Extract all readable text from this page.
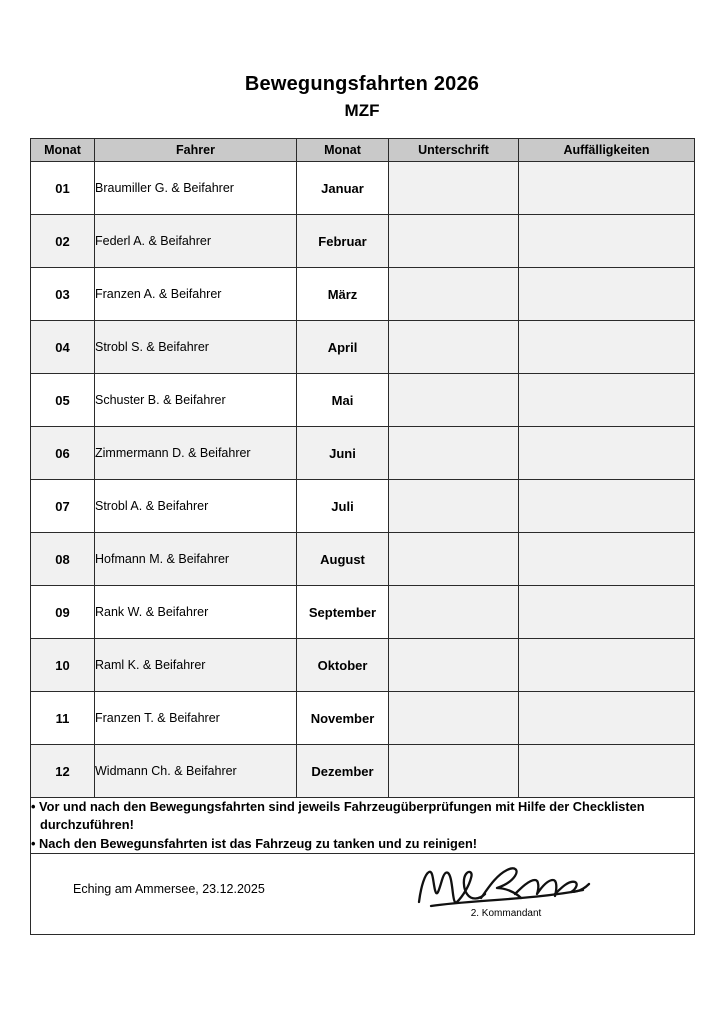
Bewegungsfahrten 2026
MZF
Monat	Fahrer	Monat	Unterschrift	Auffälligkeiten
01	Braumiller G. & Beifahrer	Januar		
02	Federl A. & Beifahrer	Februar		
03	Franzen A. & Beifahrer	März		
04	Strobl S. & Beifahrer	April		
05	Schuster B. & Beifahrer	Mai		
06	Zimmermann D. & Beifahrer	Juni		
07	Strobl A. & Beifahrer	Juli		
08	Hofmann M. & Beifahrer	August		
09	Rank W. & Beifahrer	September		
10	Raml K. & Beifahrer	Oktober		
11	Franzen T. & Beifahrer	November		
12	Widmann Ch. & Beifahrer	Dezember		

• Vor und nach den Bewegungsfahrten sind jeweils Fahrzeugüberprüfungen mit Hilfe der Checklisten durchzuführen!
• Nach den Bewegunsfahrten ist das Fahrzeug zu tanken und zu reinigen!				

Eching am Ammersee, 23.12.2025
2. Kommandant				
